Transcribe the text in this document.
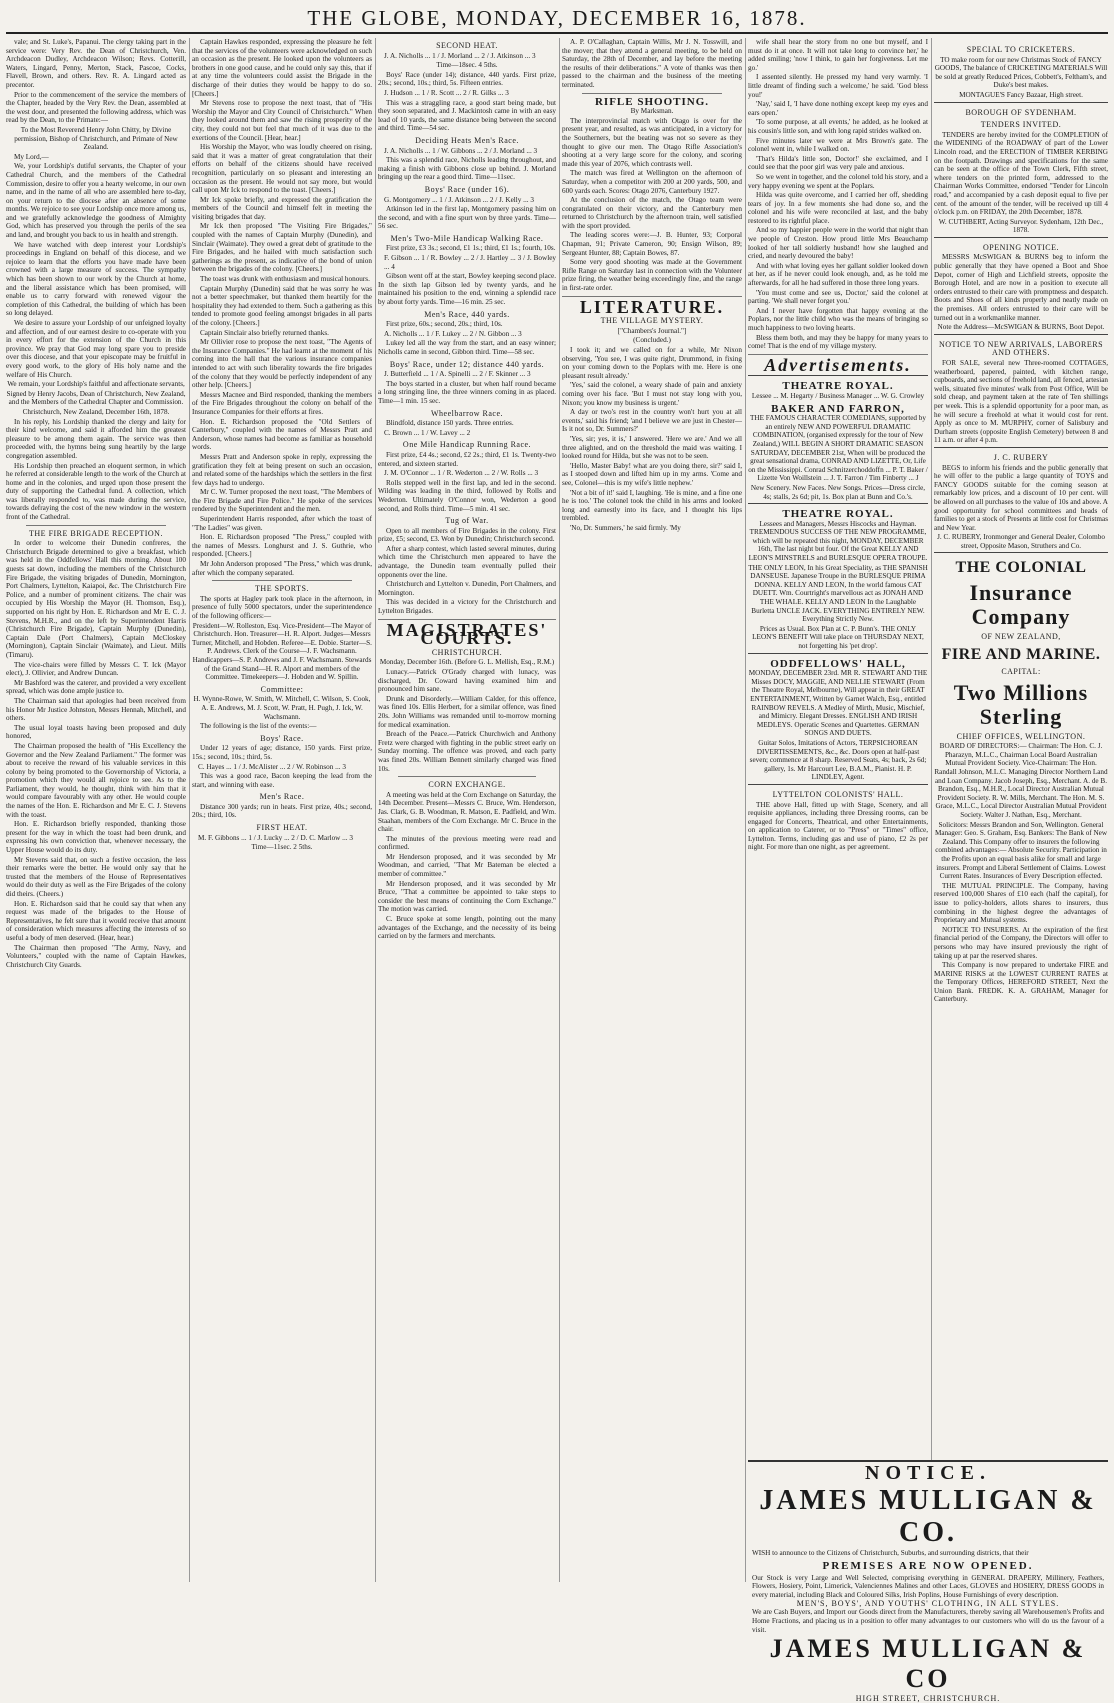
THE GLOBE, MONDAY, DECEMBER 16, 1878.

vale; and St. Luke's, Papanui. The clergy taking part in the service were: Very Rev. the Dean of Christchurch, Ven. Archdeacon Dudley, Archdeacon Wilson; Revs. Cotterill, Waters, Lingard, Penny, Merton, Stack, Pascoe, Cocks, Flavell, Brown, and others. Rev. R. A. Lingard acted as precentor.

Prior to the commencement of the service the members of the Chapter, headed by the Very Rev. the Dean, assembled at the west door, and presented the following address, which was read by the Dean, to the Primate:—

To the Most Reverend Henry John Chitty, by Divine permission, Bishop of Christchurch, and Primate of New Zealand.

My Lord,—

We, your Lordship's dutiful servants, the Chapter of your Cathedral Church, and the members of the Cathedral Commission, desire to offer you a hearty welcome, in our own name, and in the name of all who are assembled here to-day, on your return to the diocese after an absence of some months. We rejoice to see your Lordship once more among us, and we gratefully acknowledge the goodness of Almighty God, which has preserved you through the perils of the sea and land, and brought you back to us in health and strength.

We have watched with deep interest your Lordship's proceedings in England on behalf of this diocese, and we rejoice to learn that the efforts you have made have been crowned with a large measure of success. The sympathy which has been shown to our work by the Church at home, and the liberal assistance which has been promised, will enable us to carry forward with renewed vigour the completion of this Cathedral, the building of which has been so long delayed.

We desire to assure your Lordship of our unfeigned loyalty and affection, and of our earnest desire to co-operate with you in every effort for the extension of the Church in this province. We pray that God may long spare you to preside over this diocese, and that your episcopate may be fruitful in every good work, to the glory of His holy name and the welfare of His Church.

We remain, your Lordship's faithful and affectionate servants,

Signed by Henry Jacobs, Dean of Christchurch, New Zealand, and the Members of the Cathedral Chapter and Commission.

Christchurch, New Zealand, December 16th, 1878.

In his reply, his Lordship thanked the clergy and laity for their kind welcome, and said it afforded him the greatest pleasure to be among them again. The service was then proceeded with, the hymns being sung heartily by the large congregation assembled.

His Lordship then preached an eloquent sermon, in which he referred at considerable length to the work of the Church at home and in the colonies, and urged upon those present the duty of supporting the Cathedral fund. A collection, which was liberally responded to, was made during the service, towards defraying the cost of the new window in the western front of the Cathedral.

THE FIRE BRIGADE RECEPTION.

In order to welcome their Dunedin confreres, the Christchurch Brigade determined to give a breakfast, which was held in the Oddfellows' Hall this morning. About 100 guests sat down, including the members of the Christchurch Fire Brigade, the visiting brigades of Dunedin, Mornington, Port Chalmers, Lyttelton, Kaiapoi, &c. The Christchurch Fire Police, and a number of prominent citizens. The chair was occupied by His Worship the Mayor (H. Thomson, Esq.), supported on his right by Hon. E. Richardson and Mr E. C. J. Stevens, M.H.R., and on the left by Superintendent Harris (Christchurch Fire Brigade), Captain Murphy (Dunedin), Captain Dale (Port Chalmers), Captain McCloskey (Mornington), Captain Sinclair (Waimate), and Lieut. Mills (Timaru).

The vice-chairs were filled by Messrs C. T. Ick (Mayor elect), J. Ollivier, and Andrew Duncan.

Mr Bashford was the caterer, and provided a very excellent spread, which was done ample justice to.

The Chairman said that apologies had been received from his Honor Mr Justice Johnston, Messrs Hennah, Mitchell, and others.

The usual loyal toasts having been proposed and duly honored,

The Chairman proposed the health of "His Excellency the Governor and the New Zealand Parliament." The former was about to receive the reward of his valuable services in this colony by being promoted to the Governorship of Victoria, a promotion which they would all rejoice to see. As to the Parliament, they would, he thought, think with him that it would compare favourably with any other. He would couple the names of the Hon. E. Richardson and Mr E. C. J. Stevens with the toast.

Hon. E. Richardson briefly responded, thanking those present for the way in which the toast had been drunk, and expressing his own conviction that, whenever necessary, the Upper House would do its duty.

Mr Stevens said that, on such a festive occasion, the less their remarks were the better. He would only say that he trusted that the members of the House of Representatives would do their duty as well as the Fire Brigades of the colony did theirs. (Cheers.)

Hon. E. Richardson said that he could say that when any request was made of the brigades to the House of Representatives, he felt sure that it would receive that amount of consideration which measures affecting the interests of so useful a body of men deserved. (Hear, hear.)

The Chairman then proposed "The Army, Navy, and Volunteers," coupled with the name of Captain Hawkes, Christchurch City Guards.

Captain Hawkes responded, expressing the pleasure he felt that the services of the volunteers were acknowledged on such an occasion as the present. He looked upon the volunteers as brothers in one good cause, and he could only say this, that if at any time the volunteers could assist the Brigade in the discharge of their duties they would be happy to do so. [Cheers.]

Mr Stevens rose to propose the next toast, that of "His Worship the Mayor and City Council of Christchurch." When they looked around them and saw the rising prosperity of the city, they could not but feel that much of it was due to the exertions of the Council. [Hear, hear.]

His Worship the Mayor, who was loudly cheered on rising, said that it was a matter of great congratulation that their efforts on behalf of the citizens should have received recognition, particularly on so pleasant and interesting an occasion as the present. He would not say more, but would call upon Mr Ick to respond to the toast. [Cheers.]

Mr Ick spoke briefly, and expressed the gratification the members of the Council and himself felt in meeting the visiting brigades that day.

Mr Ick then proposed "The Visiting Fire Brigades," coupled with the names of Captain Murphy (Dunedin), and Sinclair (Waimate). They owed a great debt of gratitude to the Fire Brigades, and he hailed with much satisfaction such gatherings as the present, as indicative of the bond of union between the brigades of the colony. [Cheers.]

The toast was drunk with enthusiasm and musical honours.

Captain Murphy (Dunedin) said that he was sorry he was not a better speechmaker, but thanked them heartily for the hospitality they had extended to them. Such a gathering as this tended to promote good feeling amongst brigades in all parts of the colony. [Cheers.]

Captain Sinclair also briefly returned thanks.

Mr Ollivier rose to propose the next toast, "The Agents of the Insurance Companies." He had learnt at the moment of his coming into the hall that the various insurance companies intended to act with such liberality towards the fire brigades of the colony that they would be perfectly independent of any other help. [Cheers.]

Messrs Macnee and Bird responded, thanking the members of the Fire Brigades throughout the colony on behalf of the Insurance Companies for their efforts at fires.

Hon. E. Richardson proposed the "Old Settlers of Canterbury," coupled with the names of Messrs Pratt and Anderson, whose names had become as familiar as household words.

Messrs Pratt and Anderson spoke in reply, expressing the gratification they felt at being present on such an occasion, and related some of the hardships which the settlers in the first few days had to undergo.

Mr C. W. Turner proposed the next toast, "The Members of the Fire Brigade and Fire Police." He spoke of the services rendered by the Superintendent and the men.

Superintendent Harris responded, after which the toast of "The Ladies" was given.

Hon. E. Richardson proposed "The Press," coupled with the names of Messrs. Longhurst and J. S. Guthrie, who responded. [Cheers.]

Mr John Anderson proposed "The Press," which was drunk, after which the company separated.

THE SPORTS.

The sports at Hagley park took place in the afternoon, in presence of fully 5000 spectators, under the superintendence of the following officers:—

President—W. Rolleston, Esq. Vice-President—The Mayor of Christchurch. Hon. Treasurer—H. R. Alport. Judges—Messrs Turner, Mitchell, and Hobden. Referee—E. Dobie. Starter—S. P. Andrews. Clerk of the Course—J. F. Wachsmann. Handicappers—S. P. Andrews and J. F. Wachsmann. Stewards of the Grand Stand—H. R. Alport and members of the Committee. Timekeepers—J. Hobden and W. Spillin.

Committee:

H. Wynne-Rowe, W. Smith, W. Mitchell, C. Wilson, S. Cook, A. E. Andrews, M. J. Scott, W. Pratt, H. Pugh, J. Ick, W. Wachsmann.

The following is the list of the events:—

Boys' Race.

Under 12 years of age; distance, 150 yards. First prize, 15s.; second, 10s.; third, 5s.

C. Hayes ... 1 / J. McAlister ... 2 / W. Robinson ... 3

This was a good race, Bacon keeping the lead from the start, and winning with ease.

Men's Race.

Distance 300 yards; run in heats. First prize, 40s.; second, 20s.; third, 10s.

FIRST HEAT.

M. F. Gibbons ... 1 / J. Lucky ... 2 / D. C. Marlow ... 3

Time—11sec. 2 5ths.

SECOND HEAT.

J. A. Nicholls ... 1 / J. Morland ... 2 / J. Atkinson ... 3

Time—18sec. 4 5ths.

Boys' Race (under 14); distance, 440 yards. First prize, 20s.; second, 10s.; third, 5s. Fifteen entries.

J. Hudson ... 1 / R. Scott ... 2 / R. Gilks ... 3

This was a straggling race, a good start being made, but they soon separated, and J. Mackintosh came in with an easy lead of 10 yards, the same distance being between the second and third. Time—54 sec.

Deciding Heats Men's Race.

J. A. Nicholls ... 1 / W. Gibbons ... 2 / J. Morland ... 3

This was a splendid race, Nicholls leading throughout, and making a finish with Gibbons close up behind. J. Morland bringing up the rear a good third. Time—11sec.

Boys' Race (under 16).

G. Montgomery ... 1 / J. Atkinson ... 2 / J. Kelly ... 3

Atkinson led in the first lap, Montgomery passing him on the second, and with a fine spurt won by three yards. Time—56 sec.

Men's Two-Mile Handicap Walking Race.

First prize, £3 3s.; second, £1 1s.; third, £1 1s.; fourth, 10s.

F. Gibson ... 1 / R. Bowley ... 2 / J. Hartley ... 3 / J. Bowley ... 4

Gibson went off at the start, Bowley keeping second place. In the sixth lap Gibson led by twenty yards, and he maintained his position to the end, winning a splendid race by about forty yards. Time—16 min. 25 sec.

Men's Race, 440 yards.

First prize, 60s.; second, 20s.; third, 10s.

A. Nicholls ... 1 / F. Lukey ... 2 / N. Gibbon ... 3

Lukey led all the way from the start, and an easy winner; Nicholls came in second, Gibbon third. Time—58 sec.

Boys' Race, under 12; distance 440 yards.

J. Butterfield ... 1 / A. Spinelli ... 2 / F. Skinner ... 3

The boys started in a cluster, but when half round became a long stringing line, the three winners coming in as placed. Time—1 min. 15 sec.

Wheelbarrow Race.

Blindfold, distance 150 yards. Three entries.

C. Brown ... 1 / W. Lavey ... 2

One Mile Handicap Running Race.

First prize, £4 4s.; second, £2 2s.; third, £1 1s. Twenty-two entered, and sixteen started.

J. M. O'Connor ... 1 / R. Wederton ... 2 / W. Rolls ... 3

Rolls stepped well in the first lap, and led in the second. Wilding was leading in the third, followed by Rolls and Wederton. Ultimately O'Connor won, Wederton a good second, and Rolls third. Time—5 min. 41 sec.

Tug of War.

Open to all members of Fire Brigades in the colony. First prize, £5; second, £3. Won by Dunedin; Christchurch second.

After a sharp contest, which lasted several minutes, during which time the Christchurch men appeared to have the advantage, the Dunedin team eventually pulled their opponents over the line.

Christchurch and Lyttelton v. Dunedin, Port Chalmers, and Mornington.

This was decided in a victory for the Christchurch and Lyttelton Brigades.

MAGISTRATES' COURTS.

CHRISTCHURCH.

Monday, December 16th. (Before G. L. Mellish, Esq., R.M.)

Lunacy.—Patrick O'Grady charged with lunacy, was discharged, Dr. Coward having examined him and pronounced him sane.

Drunk and Disorderly.—William Calder, for this offence, was fined 10s. Ellis Herbert, for a similar offence, was fined 20s. John Williams was remanded until to-morrow morning for medical examination.

Breach of the Peace.—Patrick Churchwich and Anthony Fretz were charged with fighting in the public street early on Sunday morning. The offence was proved, and each party was fined 20s. William Bennett similarly charged was fined 10s.

CORN EXCHANGE.

A meeting was held at the Corn Exchange on Saturday, the 14th December. Present—Messrs C. Bruce, Wm. Henderson, Jas. Clark, G. B. Woodman, R. Matson, E. Padfield, and Wm. Staahan, members of the Corn Exchange. Mr C. Bruce in the chair.

The minutes of the previous meeting were read and confirmed.

Mr Henderson proposed, and it was seconded by Mr Woodman, and carried, "That Mr Bateman be elected a member of committee."

Mr Henderson proposed, and it was seconded by Mr Bruce, "That a committee be appointed to take steps to consider the best means of continuing the Corn Exchange." The motion was carried.

C. Bruce spoke at some length, pointing out the many advantages of the Exchange, and the necessity of its being carried on by the farmers and merchants.

A. P. O'Callaghan, Captain Willis, Mr J. N. Tosswill, and the mover; that they attend a general meeting, to be held on Saturday, the 28th of December, and lay before the meeting the results of their deliberations." A vote of thanks was then passed to the chairman and the business of the meeting terminated.

RIFLE SHOOTING.

By Marksman.

The interprovincial match with Otago is over for the present year, and resulted, as was anticipated, in a victory for the Southerners, but the beating was not so severe as they thought to give our men. The Otago Rifle Association's shooting at a very large score for the colony, and scoring made this year of 2076, which contrasts well.

The match was fired at Wellington on the afternoon of Saturday, when a competitor with 200 at 200 yards, 500, and 600 yards each. Scores: Otago 2076, Canterbury 1927.

At the conclusion of the match, the Otago team were congratulated on their victory, and the Canterbury men returned to Christchurch by the afternoon train, well satisfied with the sport provided.

The leading scores were:—J. B. Hunter, 93; Corporal Chapman, 91; Private Cameron, 90; Ensign Wilson, 89; Sergeant Hunter, 88; Captain Bowes, 87.

Some very good shooting was made at the Government Rifle Range on Saturday last in connection with the Volunteer prize firing, the weather being exceedingly fine, and the range in first-rate order.

LITERATURE.

THE VILLAGE MYSTERY.

["Chambers's Journal."]

(Concluded.)

I took it; and we called on for a while, Mr Nixon observing, 'You see, I was quite right, Drummond, in fixing on your coming down to the Poplars with me. Here is one pleasant result already.'

'Yes,' said the colonel, a weary shade of pain and anxiety coming over his face. 'But I must not stay long with you, Nixon; you know my business is urgent.'

A day or two's rest in the country won't hurt you at all events,' said his friend; 'and I believe we are just in Chester—Is it not so, Dr. Summers?'

'Yes, sir; yes, it is,' I answered. 'Here we are.' And we all three alighted, and on the threshold the maid was waiting. I looked round for Hilda, but she was not to be seen.

'Hello, Master Baby! what are you doing there, sir?' said I, as I stooped down and lifted him up in my arms. 'Come and see, Colonel—this is my wife's little nephew.'

'Not a bit of it!' said I, laughing. 'He is mine, and a fine one he is too.' The colonel took the child in his arms and looked long and earnestly into its face, and I thought his lips trembled.

'No, Dr. Summers,' he said firmly. 'My

wife shall hear the story from no one but myself, and I must do it at once. It will not take long to convince her,' he added smiling; 'now I think, to gain her forgiveness. Let me go.'

I assented silently. He pressed my hand very warmly. 'I little dreamt of finding such a welcome,' he said. 'God bless you!'

'Nay,' said I, 'I have done nothing except keep my eyes and ears open.'

'To some purpose, at all events,' he added, as he looked at his cousin's little son, and with long rapid strides walked on.

Five minutes later we were at Mrs Brown's gate. The colonel went in, while I walked on.

'That's Hilda's little son, Doctor!' she exclaimed, and I could see that the poor girl was very pale and anxious.

So we went in together, and the colonel told his story, and a very happy evening we spent at the Poplars.

Hilda was quite overcome, and I carried her off, shedding tears of joy. In a few moments she had done so, and the colonel and his wife were reconciled at last, and the baby restored to its rightful place.

And so my happier people were in the world that night than we people of Creston. How proud little Mrs Beauchamp looked of her tall soldierly husband! how she laughed and cried, and nearly devoured the baby!

And with what loving eyes her gallant soldier looked down at her, as if he never could look enough, and, as he told me afterwards, for all he had suffered in those three long years.

'You must come and see us, Doctor,' said the colonel at parting. 'We shall never forget you.'

And I never have forgotten that happy evening at the Poplars, nor the little child who was the means of bringing so much happiness to two loving hearts.

Bless them both, and may they be happy for many years to come! That is the end of my village mystery.

Advertisements.

THEATRE ROYAL.

Lessee ... M. Hegarty / Business Manager ... W. G. Crowley

BAKER AND FARRON,

THE FAMOUS CHARACTER COMEDIANS, supported by an entirely NEW AND POWERFUL DRAMATIC COMBINATION, (organised expressly for the tour of New Zealand,) WILL BEGIN A SHORT DRAMATIC SEASON SATURDAY, DECEMBER 21st, When will be produced the great sensational drama, CONRAD AND LIZETTE, Or, Life on the Mississippi. Conrad Schnitzerchoddoffn ... P. T. Baker / Lizette Von Woillstein ... J. T. Farron / Tim Finberty ... J

New Scenery. New Faces. New Songs. Prices—Dress circle, 4s; stalls, 2s 6d; pit, 1s. Box plan at Bunn and Co.'s.

THEATRE ROYAL.

Lessees and Managers, Messrs Hiscocks and Hayman. TREMENDOUS SUCCESS OF THE NEW PROGRAMME, which will be repeated this night, MONDAY, DECEMBER 16th, The last night but four. Of the Great KELLY AND LEON'S MINSTRELS and BURLESQUE OPERA TROUPE.

THE ONLY LEON, In his Great Speciality, as THE SPANISH DANSEUSE. Japanese Troupe in the BURLESQUE PRIMA DONNA. KELLY AND LEON, In the world famous CAT DUETT. Wm. Courtright's marvellous act as JONAH AND THE WHALE. KELLY AND LEON In the Laughable Burletta UNCLE JACK. EVERYTHING ENTIRELY NEW. Everything Strictly New.

Prices as Usual. Box Plan at C. P. Bunn's. THE ONLY LEON'S BENEFIT Will take place on THURSDAY NEXT, not forgetting his 'pet drop'.

ODDFELLOWS' HALL,

MONDAY, DECEMBER 23rd. MR R. STEWART AND THE Misses DOCY, MAGGIE, AND NELLIE STEWART (From the Theatre Royal, Melbourne), Will appear in their GREAT ENTERTAINMENT, Written by Garnet Walch, Esq., entitled RAINBOW REVELS. A Medley of Mirth, Music, Mischief, and Mimicry. Elegant Dresses. ENGLISH AND IRISH MEDLEYS. Operatic Scenes and Quartettes. GERMAN SONGS AND DUETS.

Guitar Solos, Imitations of Actors, TERPSICHOREAN DIVERTISSEMENTS, &c., &c. Doors open at half-past seven; commence at 8 sharp. Reserved Seats, 4s; back, 2s 6d; gallery, 1s. Mr Harcourt Lee, B.A.M., Pianist. H. P. LINDLEY, Agent.

LYTTELTON COLONISTS' HALL.

THE above Hall, fitted up with Stage, Scenery, and all requisite appliances, including three Dressing rooms, can be engaged for Concerts, Theatrical, and other Entertainments, on application to Caterer, or to "Press" or "Times" office, Lyttelton. Terms, including gas and use of piano, £2 2s per night. For more than one night, as per agreement.

SPECIAL TO CRICKETERS.

TO make room for our new Christmas Stock of FANCY GOODS, The balance of CRICKETING MATERIALS Will be sold at greatly Reduced Prices, Cobbett's, Feltham's, and Duke's best makes.

MONTAGUE'S Fancy Bazaar, High street.

BOROUGH OF SYDENHAM.

TENDERS INVITED.

TENDERS are hereby invited for the COMPLETION of the WIDENING of the ROADWAY of part of the Lower Lincoln road, and the ERECTION of TIMBER KERBING on the footpath. Drawings and specifications for the same can be seen at the office of the Town Clerk, Fifth street, where tenders on the printed form, addressed to the Chairman Works Committee, endorsed "Tender for Lincoln road," and accompanied by a cash deposit equal to five per cent. of the amount of the tender, will be received up till 4 o'clock p.m. on FRIDAY, the 20th December, 1878.

W. CUTHBERT, Acting Surveyor. Sydenham, 12th Dec., 1878.

OPENING NOTICE.

MESSRS McSWIGAN & BURNS beg to inform the public generally that they have opened a Boot and Shoe Depot, corner of High and Lichfield streets, opposite the Borough Hotel, and are now in a position to execute all orders entrusted to their care with promptness and despatch. Boots and Shoes of all kinds properly and neatly made on the premises. All orders entrusted to their care will be turned out in a workmanlike manner.

Note the Address—McSWIGAN & BURNS, Boot Depot.

NOTICE TO NEW ARRIVALS, LABORERS AND OTHERS.

FOR SALE, several new Three-roomed COTTAGES, weatherboard, papered, painted, with kitchen range, cupboards, and sections of freehold land, all fenced, artesian wells, situated five minutes' walk from Post Office, Will be sold cheap, and payment taken at the rate of Ten shillings per week. This is a splendid opportunity for a poor man, as he will secure a freehold at what it would cost for rent. Apply as once to M. MURPHY, corner of Salisbury and Durham streets (opposite English Cemetery) between 8 and 11 a.m. or after 4 p.m.

J. C. RUBERY

BEGS to inform his friends and the public generally that he will offer to the public a large quantity of TOYS and FANCY GOODS suitable for the coming season at remarkably low prices, and a discount of 10 per cent. will be allowed on all purchases to the value of 10s and above. A good opportunity for school committees and heads of families to get a stock of Presents at little cost for Christmas and New Year.

J. C. RUBERY, Ironmonger and General Dealer, Colombo street, Opposite Mason, Struthers and Co.

THE COLONIAL

Insurance Company

OF NEW ZEALAND,

FIRE AND MARINE.

CAPITAL:

Two Millions Sterling

CHIEF OFFICES, WELLINGTON.

BOARD OF DIRECTORS:— Chairman: The Hon. C. J. Pharazyn, M.L.C., Chairman Local Board Australian Mutual Provident Society. Vice-Chairman: The Hon. Randall Johnson, M.L.C. Managing Director Northern Land and Loan Company. Jacob Joseph, Esq., Merchant. A. de B. Brandon, Esq., M.H.R., Local Director Australian Mutual Provident Society. R. W. Mills, Merchant. The Hon. M. S. Grace, M.L.C., Local Director Australian Mutual Provident Society. Walter J. Nathan, Esq., Merchant.

Solicitors: Messrs Brandon and Son, Wellington. General Manager: Geo. S. Graham, Esq. Bankers: The Bank of New Zealand. This Company offer to insurers the following combined advantages:— Absolute Security. Participation in the Profits upon an equal basis alike for small and large insurers. Prompt and Liberal Settlement of Claims. Lowest Current Rates. Insurances of Every Description effected.

THE MUTUAL PRINCIPLE. The Company, having reserved 100,000 Shares of £10 each (half the capital), for issue to policy-holders, allots shares to insurers, thus combining in the highest degree the advantages of Proprietary and Mutual systems.

NOTICE TO INSURERS. At the expiration of the first financial period of the Company, the Directors will offer to persons who may have insured previously the right of taking up at par the reserved shares.

This Company is now prepared to undertake FIRE and MARINE RISKS at the LOWEST CURRENT RATES at the Temporary Offices, HEREFORD STREET, Next the Union Bank. FREDK. K. A. GRAHAM, Manager for Canterbury.

NOTICE.
JAMES MULLIGAN & CO.
WISH to announce to the Citizens of Christchurch, Suburbs, and surrounding districts, that their
PREMISES ARE NOW OPENED.
Our Stock is very Large and Well Selected, comprising everything in GENERAL DRAPERY, Millinery, Feathers, Flowers, Hosiery, Point, Limerick, Valenciennes Malines and other Laces, GLOVES and HOSIERY, DRESS GOODS in every material, including Black and Coloured Silks, Irish Poplins, House Furnishings of every description.
MEN'S, BOYS', AND YOUTHS' CLOTHING, IN ALL STYLES.
We are Cash Buyers, and Import our Goods direct from the Manufacturers, thereby saving all Warehousemen's Profits and Home Fractions, and placing us in a position to offer many advantages to our customers who will do us the favour of a visit.
JAMES MULLIGAN & CO
HIGH STREET, CHRISTCHURCH.
